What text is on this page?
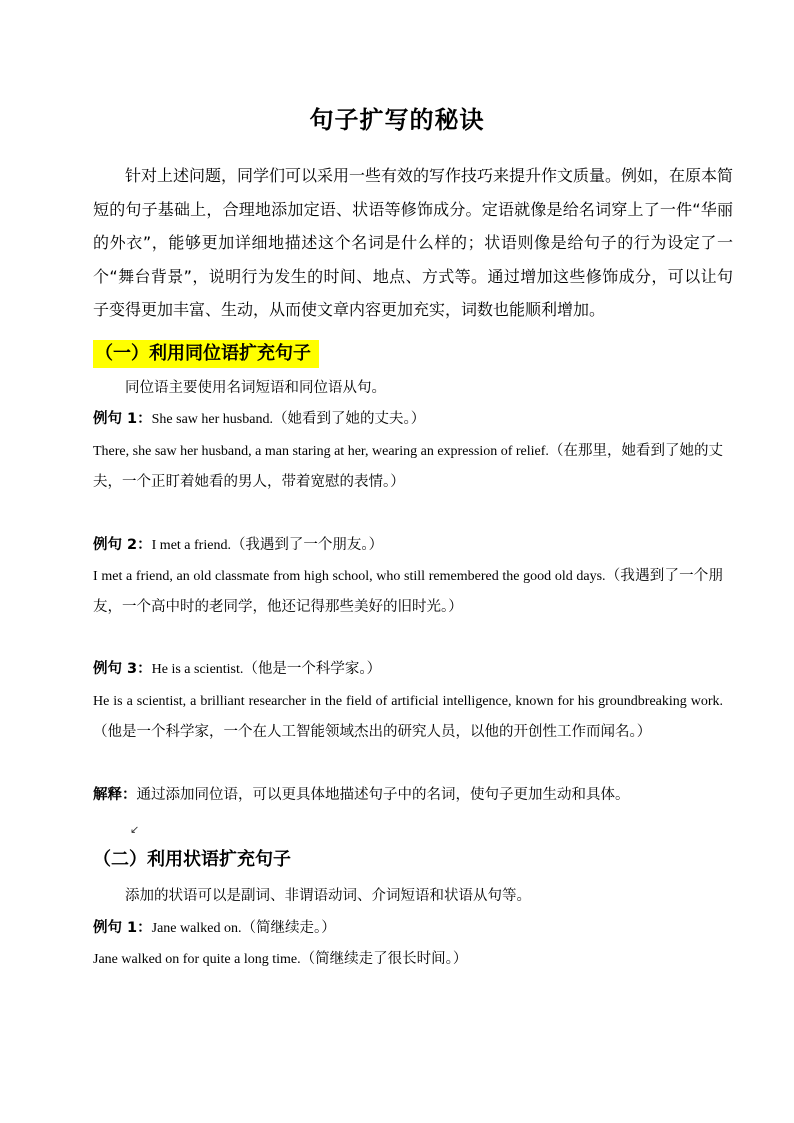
句子扩写的秘诀
针对上述问题，同学们可以采用一些有效的写作技巧来提升作文质量。例如，在原本简短的句子基础上，合理地添加定语、状语等修饰成分。定语就像是给名词穿上了一件“华丽的外衣”，能够更加详细地描述这个名词是什么样的；状语则像是给句子的行为设定了一个“舞台背景”，说明行为发生的时间、地点、方式等。通过增加这些修饰成分，可以让句子变得更加丰富、生动，从而使文章内容更加充实，词数也能顺利增加。
（一）利用同位语扩充句子
同位语主要使用名词短语和同位语从句。
例句 1：She saw her husband.（她看到了她的丈夫。）
There, she saw her husband, a man staring at her, wearing an expression of relief.（在那里，她看到了她的丈夫，一个正盯着她看的男人，带着宽慰的表情。）
例句 2：I met a friend.（我遇到了一个朋友。）
I met a friend, an old classmate from high school, who still remembered the good old days.（我遇到了一个朋友，一个高中时的老同学，他还记得那些美好的旧时光。）
例句 3：He is a scientist.（他是一个科学家。）
He is a scientist, a brilliant researcher in the field of artificial intelligence, known for his groundbreaking work.（他是一个科学家，一个在人工智能领域杰出的研究人员，以他的开创性工作而闻名。）
解释：通过添加同位语，可以更具体地描述句子中的名词，使句子更加生动和具体。
↙
（二）利用状语扩充句子
添加的状语可以是副词、非谓语动词、介词短语和状语从句等。
例句 1：Jane walked on.（简继续走。）
Jane walked on for quite a long time.（简继续走了很长时间。）
